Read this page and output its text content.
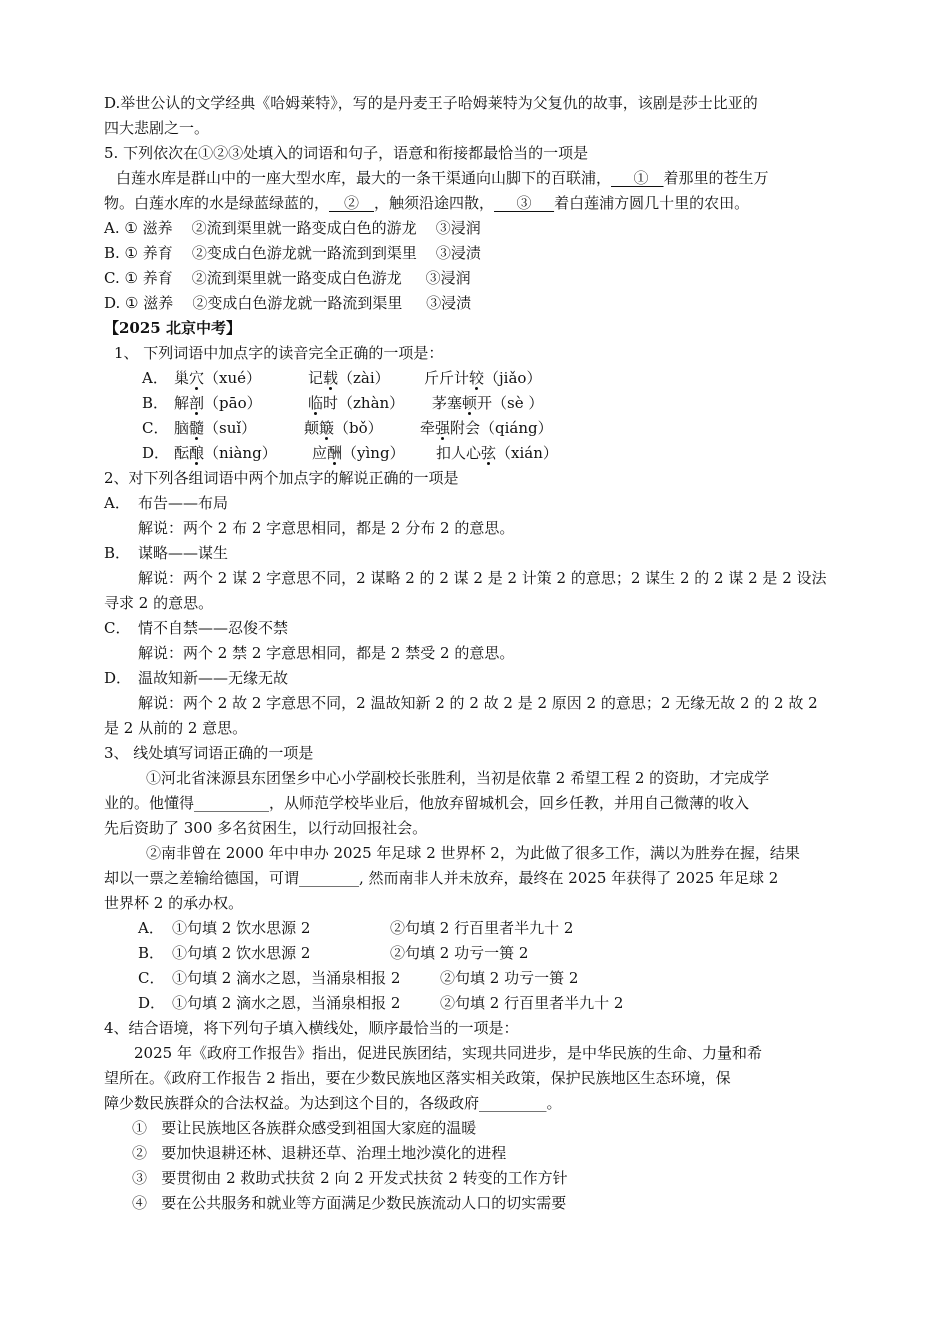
D.举世公认的文学经典《哈姆莱特》，写的是丹麦王子哈姆莱特为父复仇的故事，该剧是莎士比亚的
四大悲剧之一。
5. 下列依次在①②③处填入的词语和句子，语意和衔接都最恰当的一项是
白莲水库是群山中的一座大型水库，最大的一条干渠通向山脚下的百联浦，___①__着那里的苍生万
物。白莲水库的水是绿蓝绿蓝的，__②__，触须沿途四散，___③___着白莲浦方圆几十里的农田。
A. ① 滋养    ②流到渠里就一路变成白色的游龙    ③浸润
B. ① 养育    ②变成白色游龙就一路流到到渠里    ③浸渍
C. ① 养育    ②流到渠里就一路变成白色游龙     ③浸润
D. ① 滋养    ②变成白色游龙就一路流到渠里     ③浸渍
【2025 北京中考】
1、 下列词语中加点字的读音完全正确的一项是：
A． 巢穴（xué）	记载（zài） 斤斤计较（jiǎo）
B． 解剖（pāo）	临时（zhàn） 茅塞顿开（sè ）
C． 脑髓（suǐ）	颠簸（bǒ） 牵强附会（qiáng）
D． 酝酿（niàng） 应酬（yìng） 扣人心弦（xián）
2、对下列各组词语中两个加点字的解说正确的一项是
A． 布告——布局
解说：两个 2 布 2 字意思相同，都是 2 分布 2 的意思。
B． 谋略——谋生
解说：两个 2 谋 2 字意思不同，2 谋略 2 的 2 谋 2 是 2 计策 2 的意思；2 谋生 2 的 2 谋 2 是 2 设法
寻求 2 的意思。
C． 情不自禁——忍俊不禁
解说：两个 2 禁 2 字意思相同，都是 2 禁受 2 的意思。
D． 温故知新——无缘无故
解说：两个 2 故 2 字意思不同，2 温故知新 2 的 2 故 2 是 2 原因 2 的意思；2 无缘无故 2 的 2 故 2
是 2 从前的 2 意思。
3、 线处填写词语正确的一项是
①河北省涞源县东团堡乡中心小学副校长张胜利，当初是依靠 2 希望工程 2 的资助，才完成学
业的。他懂得__________，从师范学校毕业后，他放弃留城机会，回乡任教，并用自己微薄的收入
先后资助了 300 多名贫困生，以行动回报社会。
②南非曾在 2000 年中申办 2025 年足球 2 世界杯 2，为此做了很多工作，满以为胜券在握，结果
却以一票之差输给德国，可谓________, 然而南非人并未放弃，最终在 2025 年获得了 2025 年足球 2
世界杯 2 的承办权。
A． ①句填 2 饮水思源 2	②句填 2 行百里者半九十 2
B． ①句填 2 饮水思源 2	②句填 2 功亏一篑 2
C． ①句填 2 滴水之恩，当涌泉相报 2	②句填 2 功亏一篑 2
D． ①句填 2 滴水之恩，当涌泉相报 2	②句填 2 行百里者半九十 2
4、结合语境，将下列句子填入横线处，顺序最恰当的一项是：
2025 年《政府工作报告》指出，促进民族团结，实现共同进步，是中华民族的生命、力量和希
望所在。《政府工作报告 2 指出，要在少数民族地区落实相关政策，保护民族地区生态环境，保
障少数民族群众的合法权益。为达到这个目的，各级政府_________。
①   要让民族地区各族群众感受到祖国大家庭的温暖
②   要加快退耕还林、退耕还草、治理土地沙漠化的进程
③   要贯彻由 2 救助式扶贫 2 向 2 开发式扶贫 2 转变的工作方针
④   要在公共服务和就业等方面满足少数民族流动人口的切实需要
